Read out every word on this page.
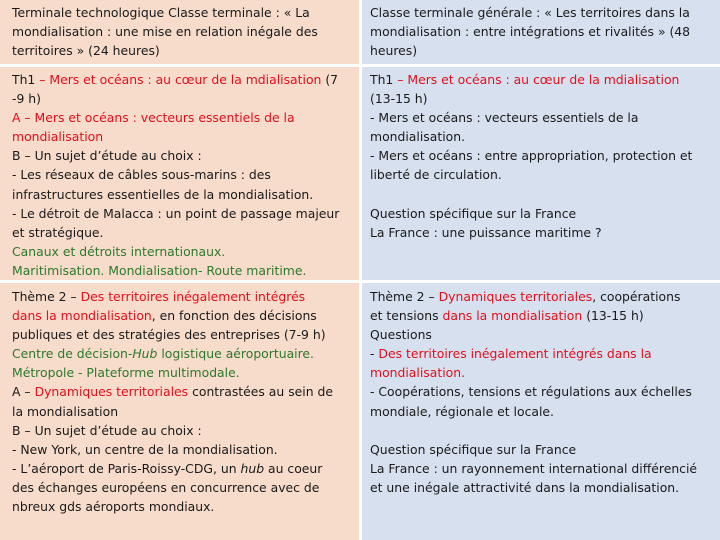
Terminale technologique Classe terminale : « La
mondialisation : une mise en relation inégale des
territoires » (24 heures)
Classe terminale générale : « Les territoires dans la
mondialisation : entre intégrations et rivalités » (48
heures)
Th1 – Mers et océans : au cœur de la mdialisation (7
-9 h)
A – Mers et océans : vecteurs essentiels de la
mondialisation
B – Un sujet d’étude au choix :
- Les réseaux de câbles sous-marins : des
infrastructures essentielles de la mondialisation.
- Le détroit de Malacca : un point de passage majeur
et stratégique.
Canaux et détroits internationaux.
Maritimisation. Mondialisation- Route maritime.
Th1 – Mers et océans : au cœur de la mdialisation
(13-15 h)
- Mers et océans : vecteurs essentiels de la
mondialisation.
- Mers et océans : entre appropriation, protection et
liberté de circulation.
Question spécifique sur la France
La France : une puissance maritime ?
Thème 2 – Des territoires inégalement intégrés
dans la mondialisation, en fonction des décisions
publiques et des stratégies des entreprises (7-9 h)
Centre de décision-Hub logistique aéroportuaire.
Métropole - Plateforme multimodale.
A – Dynamiques territoriales contrastées au sein de
la mondialisation
B – Un sujet d’étude au choix :
- New York, un centre de la mondialisation.
- L’aéroport de Paris-Roissy-CDG, un hub au coeur
des échanges européens en concurrence avec de
nbreux gds aéroports mondiaux.
Thème 2 – Dynamiques territoriales, coopérations
et tensions dans la mondialisation (13-15 h)
Questions
- Des territoires inégalement intégrés dans la
mondialisation.
- Coopérations, tensions et régulations aux échelles
mondiale, régionale et locale.
Question spécifique sur la France
La France : un rayonnement international différencié
et une inégale attractivité dans la mondialisation.
